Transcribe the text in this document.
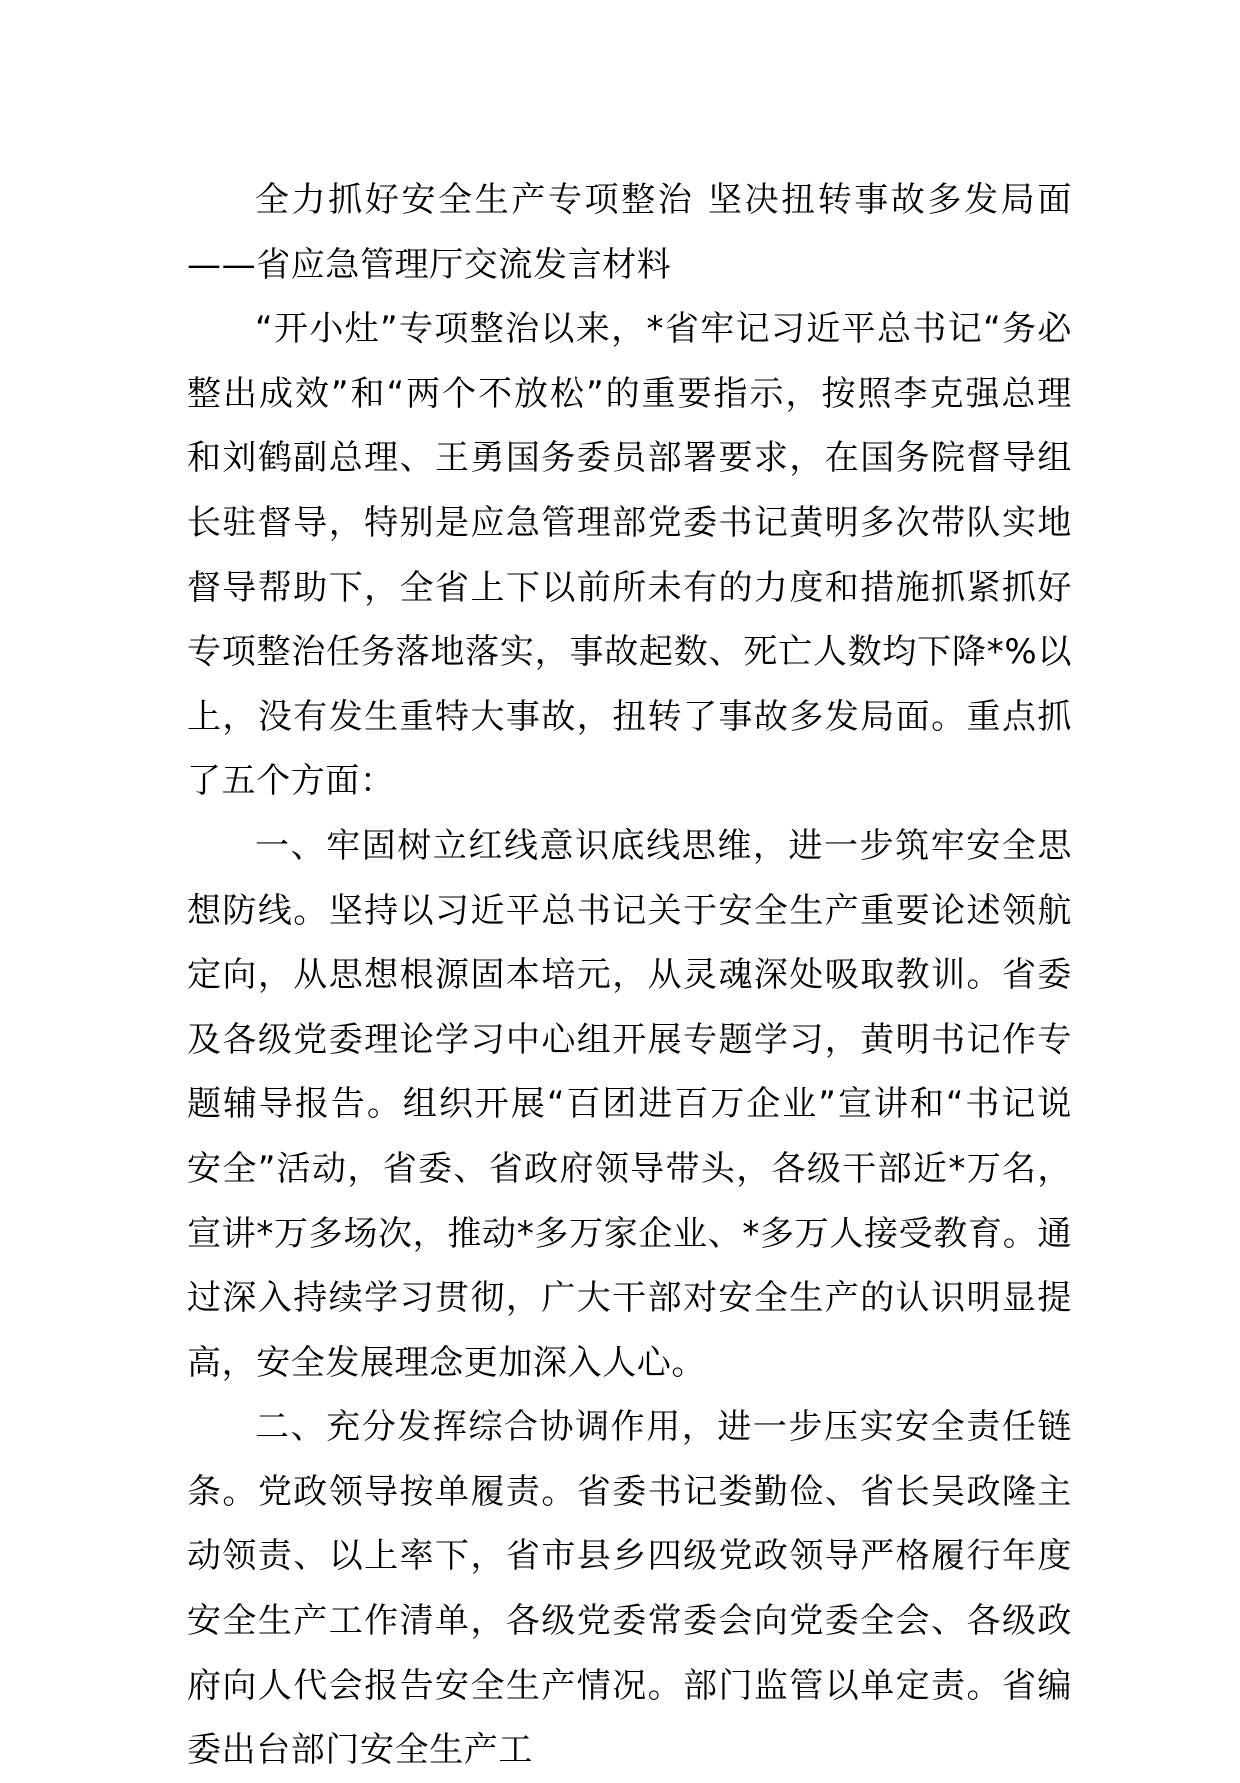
全力抓好安全生产专项整治 坚决扭转事故多发局面——省应急管理厅交流发言材料

“开小灶”专项整治以来，*省牢记习近平总书记“务必整出成效”和“两个不放松”的重要指示，按照李克强总理和刘鹤副总理、王勇国务委员部署要求，在国务院督导组长驻督导，特别是应急管理部党委书记黄明多次带队实地督导帮助下，全省上下以前所未有的力度和措施抓紧抓好专项整治任务落地落实，事故起数、死亡人数均下降*%以上，没有发生重特大事故，扭转了事故多发局面。重点抓了五个方面：

一、牢固树立红线意识底线思维，进一步筑牢安全思想防线。坚持以习近平总书记关于安全生产重要论述领航定向，从思想根源固本培元，从灵魂深处吸取教训。省委及各级党委理论学习中心组开展专题学习，黄明书记作专题辅导报告。组织开展“百团进百万企业”宣讲和“书记说安全”活动，省委、省政府领导带头，各级干部近*万名，宣讲*万多场次，推动*多万家企业、*多万人接受教育。通过深入持续学习贯彻，广大干部对安全生产的认识明显提高，安全发展理念更加深入人心。

二、充分发挥综合协调作用，进一步压实安全责任链条。党政领导按单履责。省委书记娄勤俭、省长吴政隆主动领责、以上率下，省市县乡四级党政领导严格履行年度安全生产工作清单，各级党委常委会向党委全会、各级政府向人代会报告安全生产情况。部门监管以单定责。省编委出台部门安全生产工
